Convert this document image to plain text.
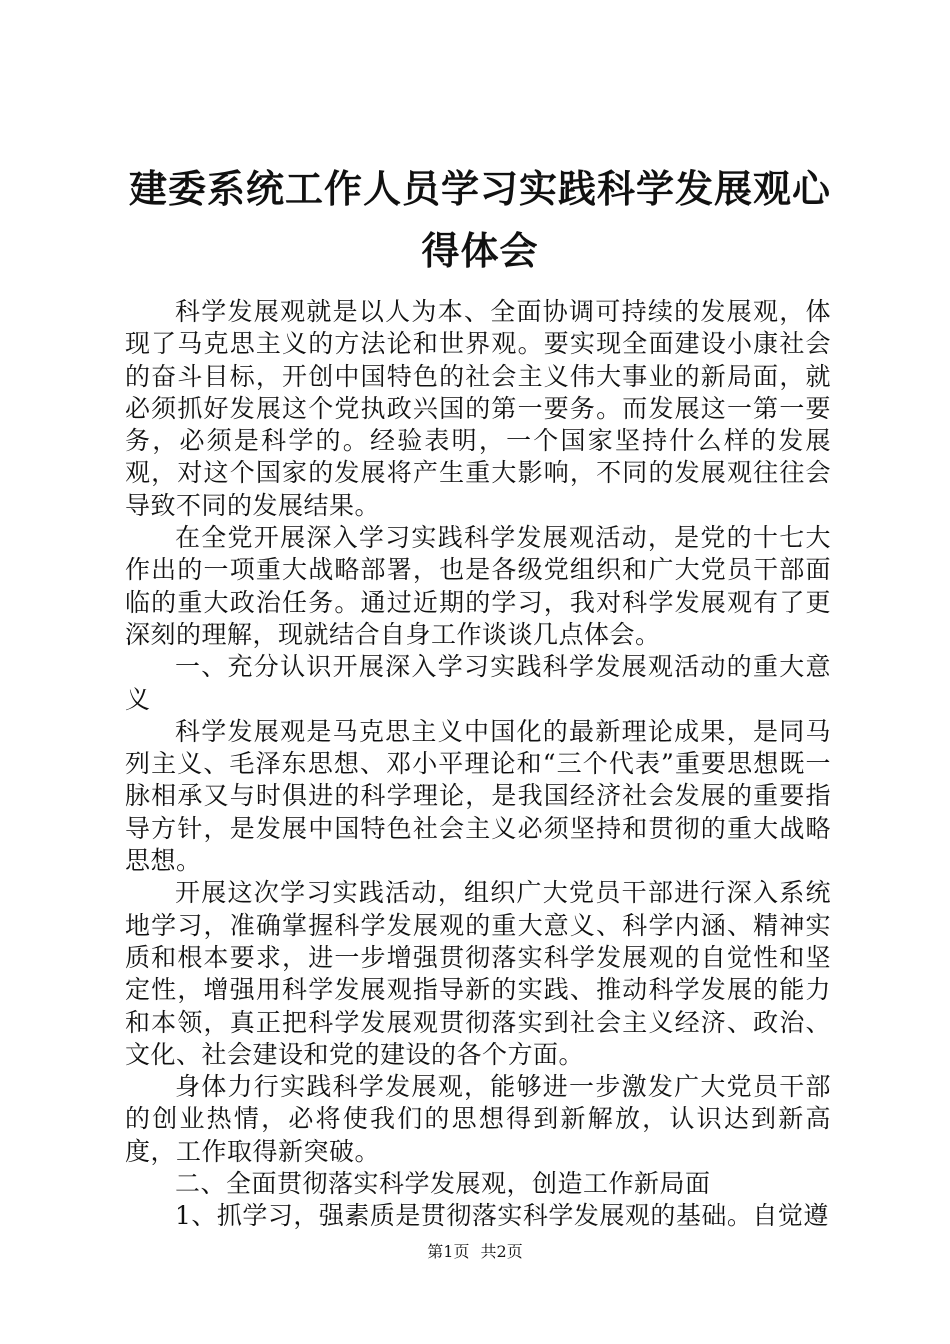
建委系统工作人员学习实践科学发展观心得体会

科学发展观就是以人为本、全面协调可持续的发展观，体现了马克思主义的方法论和世界观。要实现全面建设小康社会的奋斗目标，开创中国特色的社会主义伟大事业的新局面，就必须抓好发展这个党执政兴国的第一要务。而发展这一第一要务，必须是科学的。经验表明，一个国家坚持什么样的发展观，对这个国家的发展将产生重大影响，不同的发展观往往会导致不同的发展结果。

在全党开展深入学习实践科学发展观活动，是党的十七大作出的一项重大战略部署，也是各级党组织和广大党员干部面临的重大政治任务。通过近期的学习，我对科学发展观有了更深刻的理解，现就结合自身工作谈谈几点体会。

一、充分认识开展深入学习实践科学发展观活动的重大意义

科学发展观是马克思主义中国化的最新理论成果，是同马列主义、毛泽东思想、邓小平理论和“三个代表”重要思想既一脉相承又与时俱进的科学理论，是我国经济社会发展的重要指导方针，是发展中国特色社会主义必须坚持和贯彻的重大战略思想。

开展这次学习实践活动，组织广大党员干部进行深入系统地学习，准确掌握科学发展观的重大意义、科学内涵、精神实质和根本要求，进一步增强贯彻落实科学发展观的自觉性和坚定性，增强用科学发展观指导新的实践、推动科学发展的能力和本领，真正把科学发展观贯彻落实到社会主义经济、政治、文化、社会建设和党的建设的各个方面。

身体力行实践科学发展观，能够进一步激发广大党员干部的创业热情，必将使我们的思想得到新解放，认识达到新高度，工作取得新突破。

二、全面贯彻落实科学发展观，创造工作新局面

1、抓学习，强素质是贯彻落实科学发展观的基础。自觉遵

第1页 共2页
